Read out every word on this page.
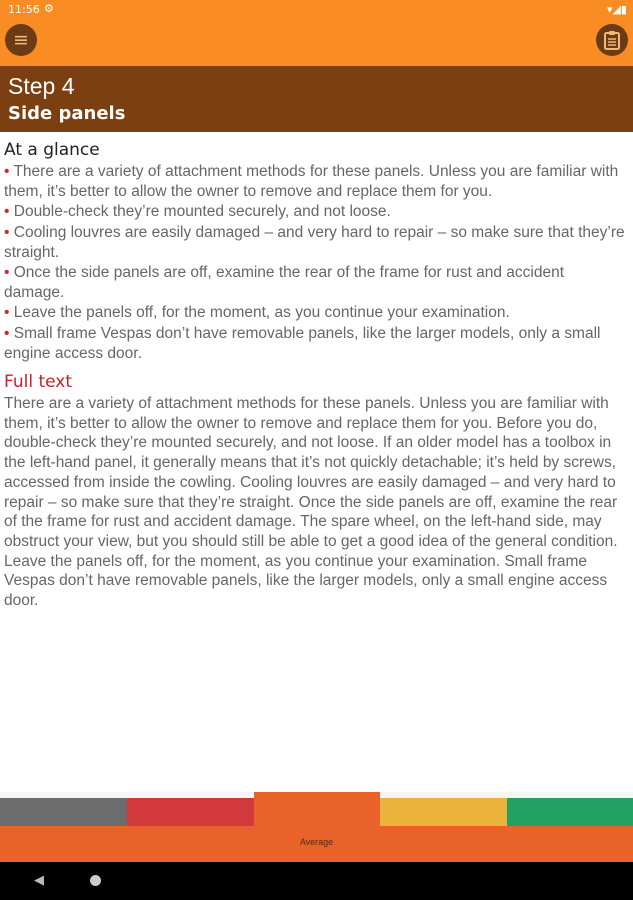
11:56 ⚙	▾◢▮
≡
Step 4
Side panels
At a glance
• There are a variety of attachment methods for these panels. Unless you are familiar with them, it’s better to allow the owner to remove and replace them for you.
• Double-check they’re mounted securely, and not loose.
• Cooling louvres are easily damaged – and very hard to repair – so make sure that they’re straight.
• Once the side panels are off, examine the rear of the frame for rust and accident damage.
• Leave the panels off, for the moment, as you continue your examination.
• Small frame Vespas don’t have removable panels, like the larger models, only a small engine access door.
Full text
There are a variety of attachment methods for these panels. Unless you are familiar with them, it’s better to allow the owner to remove and replace them for you. Before you do, double-check they’re mounted securely, and not loose. If an older model has a toolbox in the left-hand panel, it generally means that it’s not quickly detachable; it’s held by screws, accessed from inside the cowling. Cooling louvres are easily damaged – and very hard to repair – so make sure that they’re straight. Once the side panels are off, examine the rear of the frame for rust and accident damage. The spare wheel, on the left-hand side, may obstruct your view, but you should still be able to get a good idea of the general condition. Leave the panels off, for the moment, as you continue your examination. Small frame Vespas don’t have removable panels, like the larger models, only a small engine access door.
Average
◀
